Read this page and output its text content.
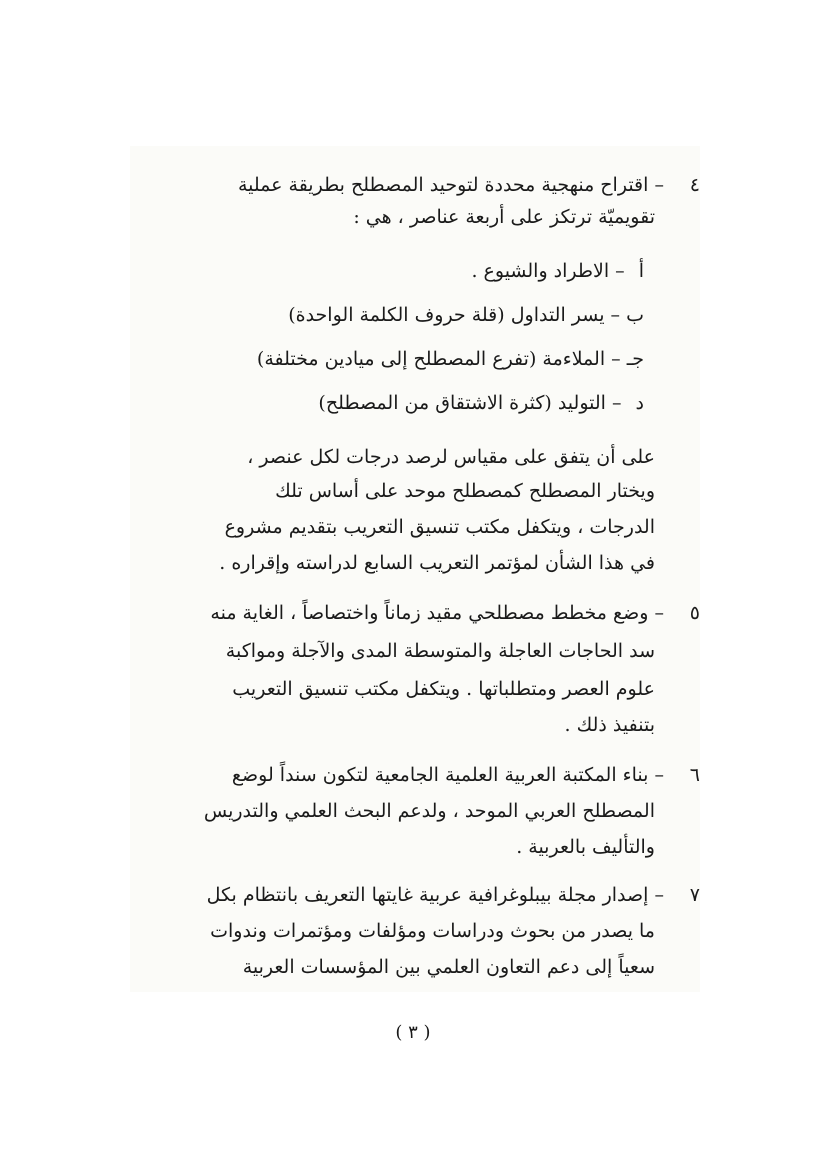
٤ – اقتراح منهجية محددة لتوحيد المصطلح بطريقة عملية
تقويميّة ترتكز على أربعة عناصر ، هي :
أ – الاطراد والشيوع .
ب – يسر التداول (قلة حروف الكلمة الواحدة)
جـ – الملاءمة (تفرع المصطلح إلى ميادين مختلفة)
د – التوليد (كثرة الاشتقاق من المصطلح)
على أن يتفق على مقياس لرصد درجات لكل عنصر ،
ويختار المصطلح كمصطلح موحد على أساس تلك
الدرجات ، ويتكفل مكتب تنسيق التعريب بتقديم مشروع
في هذا الشأن لمؤتمر التعريب السابع لدراسته وإقراره .
٥ – وضع مخطط مصطلحي مقيد زماناً واختصاصاً ، الغاية منه
سد الحاجات العاجلة والمتوسطة المدى والآجلة ومواكبة
علوم العصر ومتطلباتها . ويتكفل مكتب تنسيق التعريب
بتنفيذ ذلك .
٦ – بناء المكتبة العربية العلمية الجامعية لتكون سنداً لوضع
المصطلح العربي الموحد ، ولدعم البحث العلمي والتدريس
والتأليف بالعربية .
٧ – إصدار مجلة بيبلوغرافية عربية غايتها التعريف بانتظام بكل
ما يصدر من بحوث ودراسات ومؤلفات ومؤتمرات وندوات
سعياً إلى دعم التعاون العلمي بين المؤسسات العربية
( ٣ )
